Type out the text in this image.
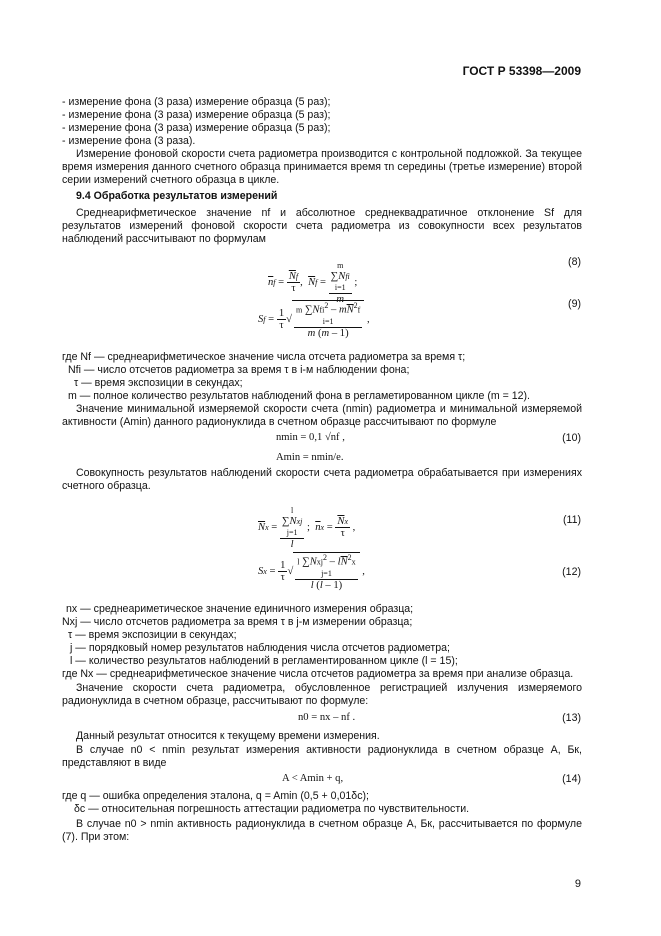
ГОСТ Р 53398—2009

- измерение фона (3 раза) измерение образца (5 раз);

- измерение фона (3 раза) измерение образца (5 раз);

- измерение фона (3 раза) измерение образца (5 раз);

- измерение фона (3 раза).

Измерение фоновой скорости счета радиометра производится с контрольной подложкой. За текущее время измерения данного счетного образца принимается время τn середины (третье измерение) второй серии измерений счетного образца в цикле.

9.4 Обработка результатов измерений

Среднеарифметическое значение nf и абсолютное среднеквадратичное отклонение Sf для результатов измерений фоновой скорости счета радиометра из совокупности всех результатов наблюдений рассчитывают по формулам

$\overline{n}f = \frac{\overline{N}f}{\tau}$ ,  $\overline{N}f$ =
m
∑Nfi
i=1
m
;
(8)
$Sf = \frac{1}{\tau}$ √
m $\sum Nfi^2 - m\overline{N}^2f$
i=1
m (m – 1)
,
(9)

где Nf — среднеарифметическое значение числа отсчета радиометра за время τ;

Nfi — число отсчетов радиометра за время τ в i-м наблюдении фона;

τ — время экспозиции в секундах;

m — полное количество результатов наблюдений фона в регламетированном цикле (m = 12).

Значение минимальной измеряемой скорости счета (nmin) радиометра и минимальной измеряемой активности (Amin) данного радионуклида в счетном образце рассчитывают по формуле

nmin = 0,1 √nf ,	(10)
Amin = nmin/e.

Совокупность результатов наблюдений скорости счета радиометра обрабатывается при измерениях счетного образца.

$\overline{N}x$ =
l
∑Nxj
j=1
l
;  $\overline{n}x = \frac{\overline{N}x}{\tau}$ ,
(11)
$Sx = \frac{1}{\tau}$ √
l $\sum Nxj^2 - l\overline{N}^2x$
j=1
l (l – 1)
,	(12)

nx — среднеариметическое значение единичного измерения образца;

Nxj — число отсчетов радиометра за время τ в j-м измерении образца;

τ — время экспозиции в секундах;

j — порядковый номер результатов наблюдения числа отсчетов радиометра;

l — количество результатов наблюдений в регламентированном цикле (l = 15);

где Nx — среднеарифметическое значение числа отсчетов радиометра за время при анализе образца.

Значение скорости счета радиометра, обусловленное регистрацией излучения измеряемого радионуклида в счетном образце, рассчитывают по формуле:

n0 = nx – nf .	(13)

Данный результат относится к текущему времени измерения.

В случае n0 < nmin результат измерения активности радионуклида в счетном образце A, Бк, представляют в виде

A < Amin + q,	(14)

где q — ошибка определения эталона, q = Amin (0,5 + 0,01δс);

δс — относительная погрешность аттестации радиометра по чувствительности.

В случае n0 > nmin активность радионуклида в счетном образце A, Бк, рассчитывается по формуле (7). При этом:

9
